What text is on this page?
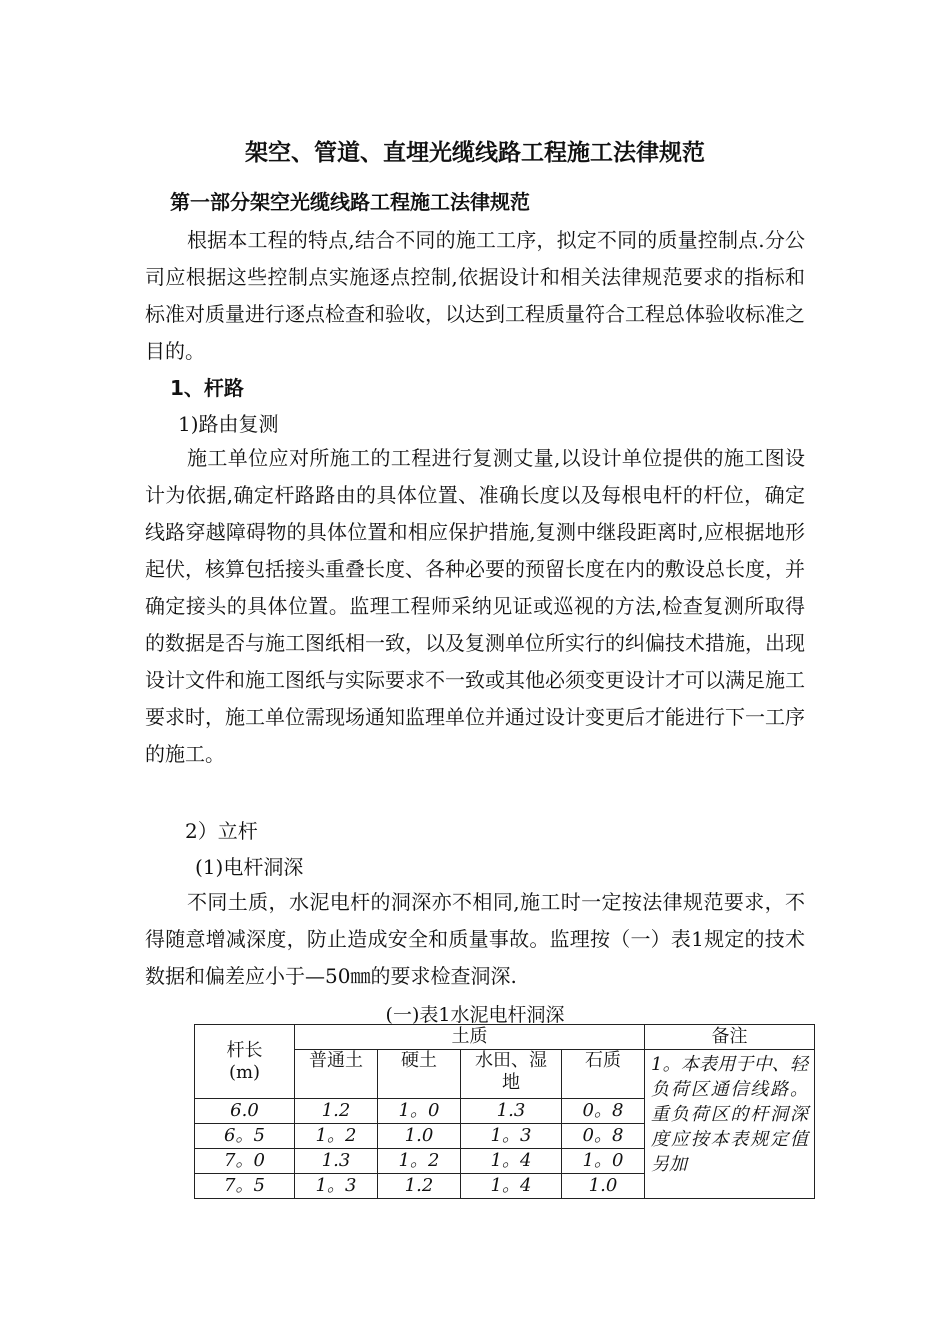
架空、管道、直埋光缆线路工程施工法律规范
第一部分架空光缆线路工程施工法律规范

根据本工程的特点,结合不同的施工工序，拟定不同的质量控制点.分公司应根据这些控制点实施逐点控制,依据设计和相关法律规范要求的指标和标准对质量进行逐点检查和验收，以达到工程质量符合工程总体验收标准之目的。

1、杆路
1)路由复测

施工单位应对所施工的工程进行复测丈量,以设计单位提供的施工图设计为依据,确定杆路路由的具体位置、准确长度以及每根电杆的杆位，确定线路穿越障碍物的具体位置和相应保护措施,复测中继段距离时,应根据地形起伏，核算包括接头重叠长度、各种必要的预留长度在内的敷设总长度，并确定接头的具体位置。监理工程师采纳见证或巡视的方法,检查复测所取得的数据是否与施工图纸相一致，以及复测单位所实行的纠偏技术措施，出现设计文件和施工图纸与实际要求不一致或其他必须变更设计才可以满足施工要求时，施工单位需现场通知监理单位并通过设计变更后才能进行下一工序的施工。

2）立杆
(1)电杆洞深

不同土质，水泥电杆的洞深亦不相同,施工时一定按法律规范要求，不得随意增减深度，防止造成安全和质量事故。监理按（一）表1规定的技术数据和偏差应小于—50㎜的要求检查洞深.

(一)表1水泥电杆洞深
杆长(m)	土质				备注
	普通土	硬土	水田、湿地	石质	1。本表用于中、轻负荷区通信线路。重负荷区的杆洞深度应按本表规定值另加
6.0	1.2	1。0	1.3	0。8	
6。5	1。2	1.0	1。3	0。8	
7。0	1.3	1。2	1。4	1。0	
7。5	1。3	1.2	1。4	1.0	
